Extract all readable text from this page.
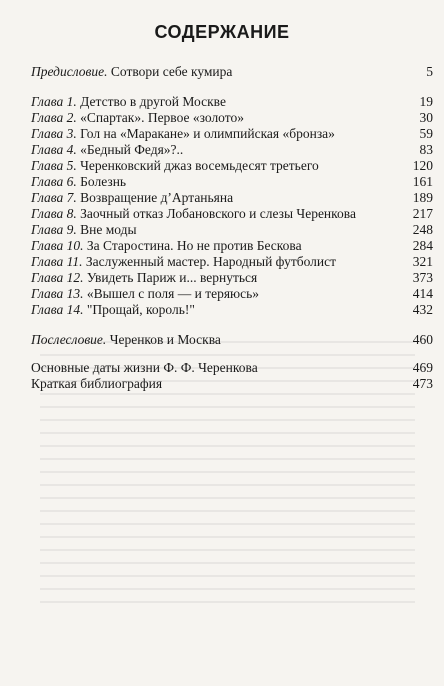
СОДЕРЖАНИЕ
Предисловие. Сотвори себе кумира	5
Глава 1. Детство в другой Москве	19
Глава 2. «Спартак». Первое «золото»	30
Глава 3. Гол на «Маракане» и олимпийская «бронза»	59
Глава 4. «Бедный Федя»?..	83
Глава 5. Черенковский джаз восемьдесят третьего	120
Глава 6. Болезнь	161
Глава 7. Возвращение д’Артаньяна	189
Глава 8. Заочный отказ Лобановского и слезы Черенкова	217
Глава 9. Вне моды	248
Глава 10. За Старостина. Но не против Бескова	284
Глава 11. Заслуженный мастер. Народный футболист	321
Глава 12. Увидеть Париж и... вернуться	373
Глава 13. «Вышел с поля — и теряюсь»	414
Глава 14. "Прощай, король!"	432
Послесловие. Черенков и Москва	460
Основные даты жизни Ф. Ф. Черенкова	469
Краткая библиография	473
